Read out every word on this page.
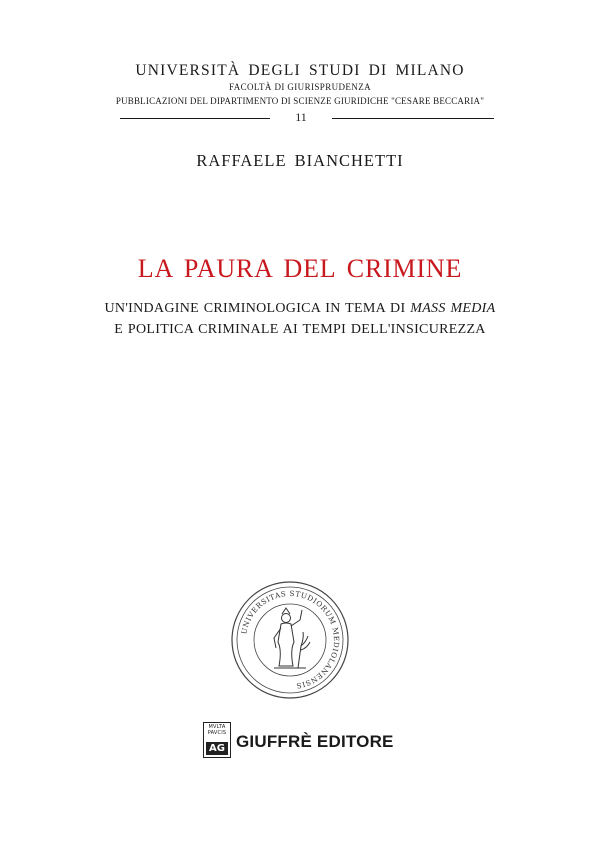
UNIVERSITÀ DEGLI STUDI DI MILANO
FACOLTÀ DI GIURISPRUDENZA
PUBBLICAZIONI DEL DIPARTIMENTO DI SCIENZE GIURIDICHE "CESARE BECCARIA"
11
RAFFAELE BIANCHETTI
LA PAURA DEL CRIMINE
UN'INDAGINE CRIMINOLOGICA IN TEMA DI MASS MEDIA
E POLITICA CRIMINALE AI TEMPI DELL'INSICUREZZA
UNIVERSITAS STUDIORUM MEDIOLANENSIS
MVLTA PAVCIS
AG GIUFFRÈ EDITORE
